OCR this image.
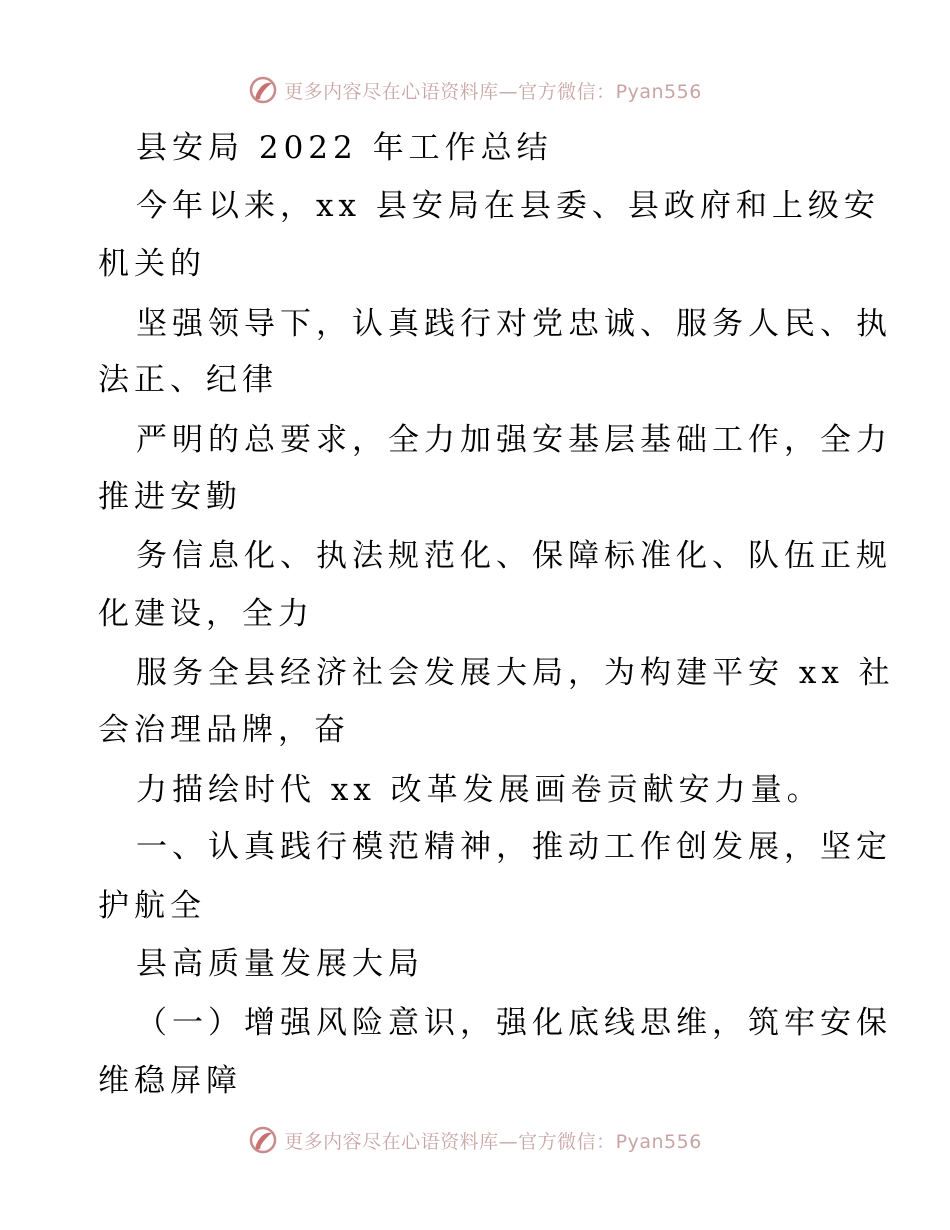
更多内容尽在心语资料库—官方微信：Pyan556
县安局 2022 年工作总结
今年以来，xx 县安局在县委、县政府和上级安
机关的
坚强领导下，认真践行对党忠诚、服务人民、执
法正、纪律
严明的总要求，全力加强安基层基础工作，全力
推进安勤
务信息化、执法规范化、保障标准化、队伍正规
化建设，全力
服务全县经济社会发展大局，为构建平安 xx 社
会治理品牌，奋
力描绘时代 xx 改革发展画卷贡献安力量。
一、认真践行模范精神，推动工作创发展，坚定
护航全
县高质量发展大局
（一）增强风险意识，强化底线思维，筑牢安保
维稳屏障
更多内容尽在心语资料库—官方微信：Pyan556
